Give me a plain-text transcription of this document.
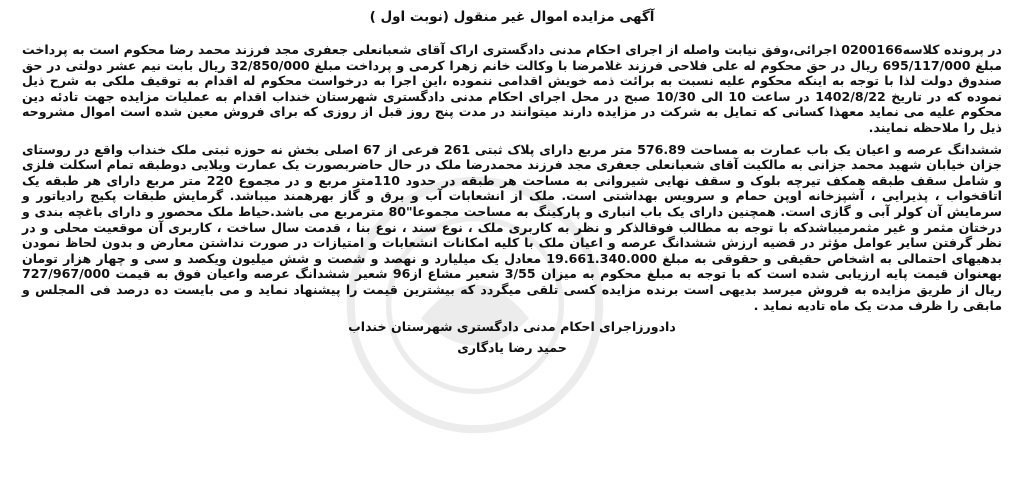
آگهی مزایده اموال غیر منقول (نوبت اول )

در پرونده کلاسه0200166 اجرائی،وفق نیابت واصله از اجرای احکام مدنی دادگستری اراک آقای شعبانعلی جعفری مجد فرزند محمد رضا محکوم است به پرداخت مبلغ 695/117/000 ریال در حق محکوم له علی فلاحی فرزند غلامرضا با وکالت خانم زهرا کرمی و پرداخت مبلغ 32/850/000 ریال بابت نیم عشر دولتی در حق صندوق دولت لذا با توجه به اینکه محکوم علیه نسبت به برائت ذمه خویش اقدامی ننموده ،این اجرا به درخواست محکوم له اقدام به توقیف ملکی به شرح ذیل نموده که در تاریخ 1402/8/22 در ساعت 10 الی 10/30 صبح در محل اجرای احکام مدنی دادگستری شهرستان خنداب اقدام به عملیات مزایده جهت تادئه دین محکوم علیه می نماید معهذا کسانی که تمایل به شرکت در مزایده دارند میتوانند در مدت پنج روز قبل از روزی که برای فروش معین شده است اموال مشروحه ذیل را ملاحظه نمایند.

ششدانگ عرصه و اعیان یک باب عمارت به مساحت 576.89 متر مربع دارای پلاک ثبتی 261 فرعی از 67 اصلی بخش نه حوزه ثبتی ملک خنداب واقع در روستای جزان خیابان شهید محمد جزانی به مالکیت آقای شعبانعلی جعفری مجد فرزند محمدرضا ملک در حال حاضربصورت یک عمارت ویلایی دوطبقه تمام اسکلت فلزی و شامل سقف طبقه همکف تیرچه بلوک و سقف نهایی شیروانی به مساحت هر طبقه در حدود 110متر مربع و در مجموع 220 متر مربع دارای هر طبقه یک اتاقخواب ، پذیرایی ، آشپزخانه اوپن حمام و سرویس بهداشتی است. ملک از انشعابات آب و برق و گاز بهرهمند میباشد. گرمایش طبقات پکیج رادیاتور و سرمایش آن کولر آبی و گازی است. همچنین دارای یک باب انباری و پارکینگ به مساحت مجموعا"80 مترمربع می باشد.حیاط ملک محصور و دارای باغچه بندی و درختان مثمر و غیر مثمرمیباشدکه با توجه به مطالب فوقالذکر و نظر به کاربری ملک ، نوع سند ، نوع بنا ، قدمت سال ساخت ، کاربری آن موقعیت محلی و در نظر گرفتن سایر عوامل مؤثر در قضیه ارزش ششدانگ عرصه و اعیان ملک با کلیه امکانات انشعابات و امتیازات در صورت نداشتن معارض و بدون لحاظ نمودن بدهیهای احتمالی به اشخاص حقیقی و حقوقی به مبلغ 19.661.340.000 معادل یک میلیارد و نهصد و شصت و شش میلیون ویکصد و سی و چهار هزار تومان بهعنوان قیمت پایه ارزیابی شده است که با توجه به مبلغ محکوم به میزان 3/55 شعیر مشاع از96 شعیر ششدانگ عرصه واعیان فوق به قیمت 727/967/000 ریال از طریق مزایده به فروش میرسد بدیهی است برنده مزایده کسی تلقی میگردد که بیشترین قیمت را پیشنهاد نماید و می بایست ده درصد فی المجلس و مابقی را ظرف مدت یک ماه تادیه نماید .

دادورزاجرای احکام مدنی دادگستری شهرستان خنداب
حمید رضا یادگاری
